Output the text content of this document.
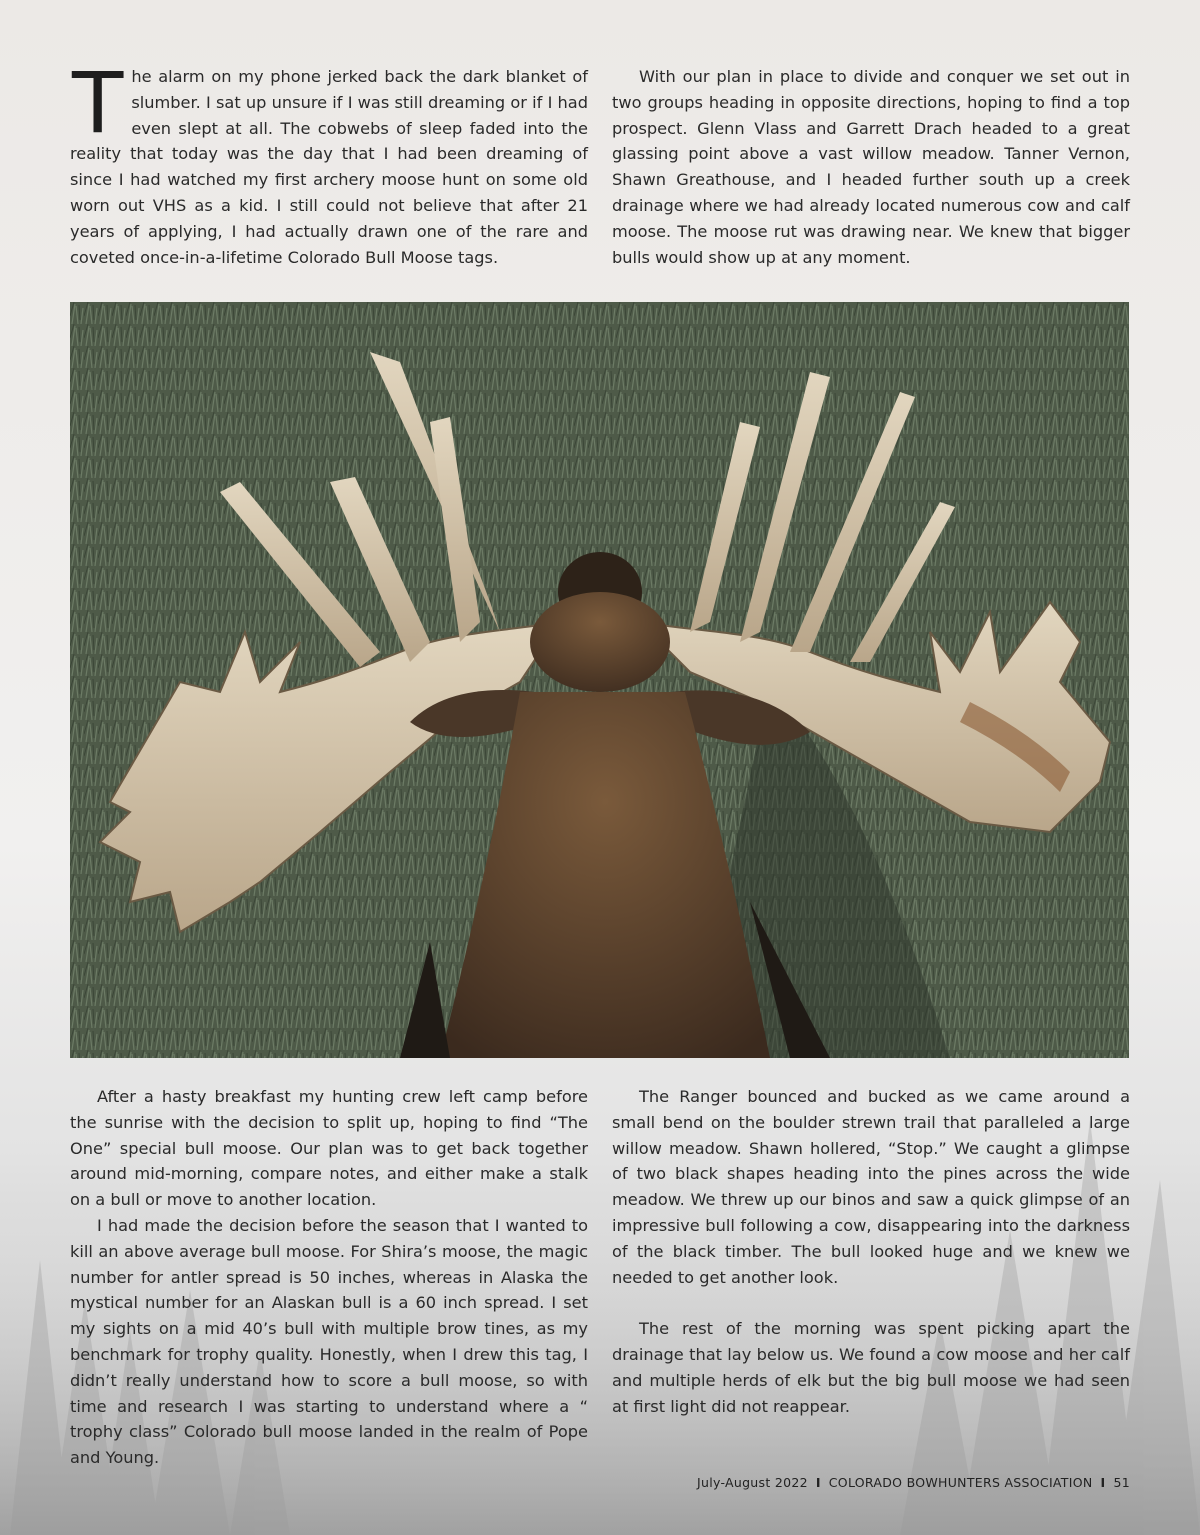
The alarm on my phone jerked back the dark blanket of slumber. I sat up unsure if I was still dreaming or if I had even slept at all. The cobwebs of sleep faded into the reality that today was the day that I had been dreaming of since I had watched my first archery moose hunt on some old worn out VHS as a kid. I still could not believe that after 21 years of applying, I had actually drawn one of the rare and coveted once-in-a-lifetime Colorado Bull Moose tags.

With our plan in place to divide and conquer we set out in two groups heading in opposite directions, hoping to find a top prospect. Glenn Vlass and Garrett Drach headed to a great glassing point above a vast willow meadow. Tanner Vernon, Shawn Greathouse, and I headed further south up a creek drainage where we had already located numerous cow and calf moose. The moose rut was drawing near. We knew that bigger bulls would show up at any moment.

After a hasty breakfast my hunting crew left camp before the sunrise with the decision to split up, hoping to find “The One” special bull moose. Our plan was to get back together around mid-morning, compare notes, and either make a stalk on a bull or move to another location.

I had made the decision before the season that I wanted to kill an above average bull moose. For Shira’s moose, the magic number for antler spread is 50 inches, whereas in Alaska the mystical number for an Alaskan bull is a 60 inch spread. I set my sights on a mid 40’s bull with multiple brow tines, as my benchmark for trophy quality. Honestly, when I drew this tag, I didn’t really understand how to score a bull moose, so with time and research I was starting to understand where a “ trophy class” Colorado bull moose landed in the realm of Pope and Young.

The Ranger bounced and bucked as we came around a small bend on the boulder strewn trail that paralleled a large willow meadow. Shawn hollered, “Stop.” We caught a glimpse of two black shapes heading into the pines across the wide meadow. We threw up our binos and saw a quick glimpse of an impressive bull following a cow, disappearing into the darkness of the black timber. The bull looked huge and we knew we needed to get another look.

The rest of the morning was spent picking apart the drainage that lay below us. We found a cow moose and her calf and multiple herds of elk but the big bull moose we had seen at first light did not reappear.

July-August 2022 I COLORADO BOWHUNTERS ASSOCIATION I 51
